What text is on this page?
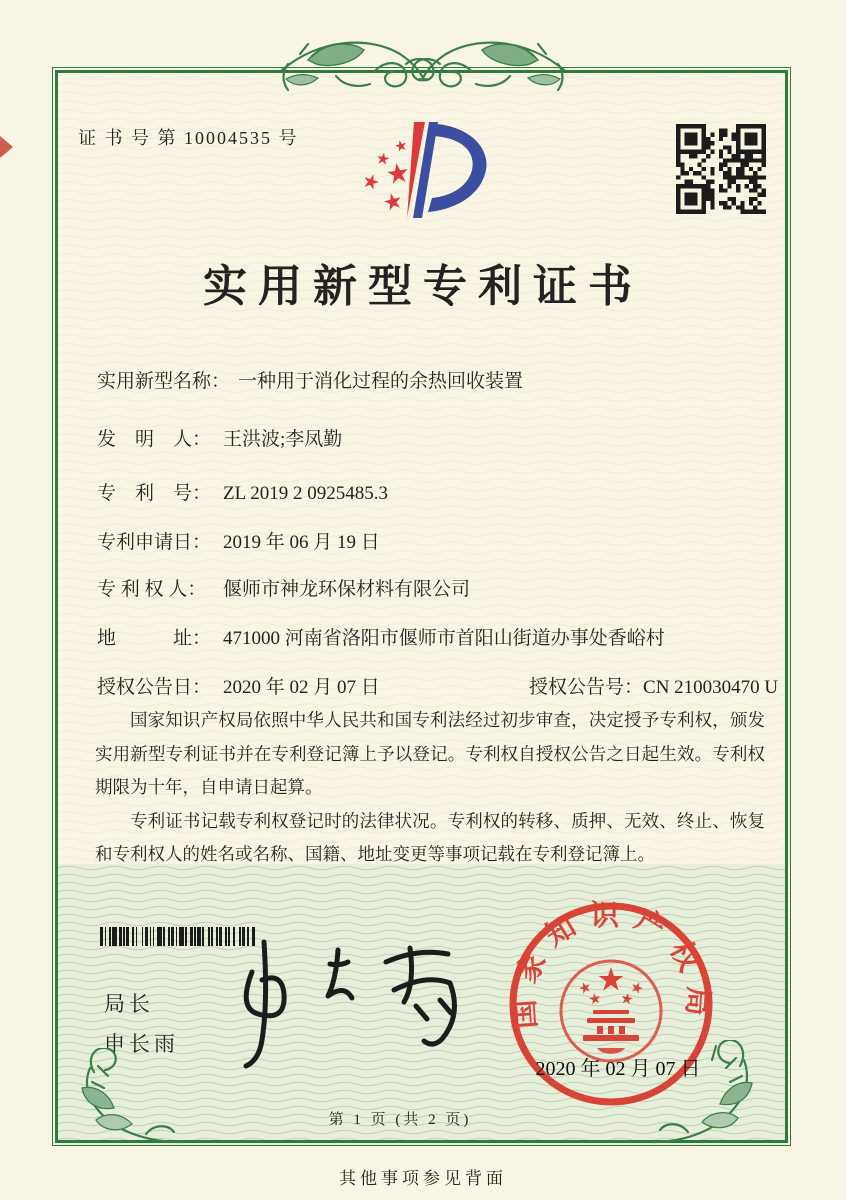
证 书 号 第 10004535 号
实用新型专利证书
实用新型名称： 一种用于消化过程的余热回收装置
发　明　人： 王洪波;李凤勤
专　利　号： ZL 2019 2 0925485.3
专利申请日： 2019 年 06 月 19 日
专 利 权 人： 偃师市神龙环保材料有限公司
地　　　址： 471000 河南省洛阳市偃师市首阳山街道办事处香峪村
授权公告日： 2020 年 02 月 07 日	授权公告号：CN 210030470 U

国家知识产权局依照中华人民共和国专利法经过初步审查，决定授予专利权，颁发实用新型专利证书并在专利登记簿上予以登记。专利权自授权公告之日起生效。专利权期限为十年，自申请日起算。

专利证书记载专利权登记时的法律状况。专利权的转移、质押、无效、终止、恢复和专利权人的姓名或名称、国籍、地址变更等事项记载在专利登记簿上。

局长
申长雨
国家知识产权局
2020 年 02 月 07 日
第 1 页 (共 2 页)
其他事项参见背面
